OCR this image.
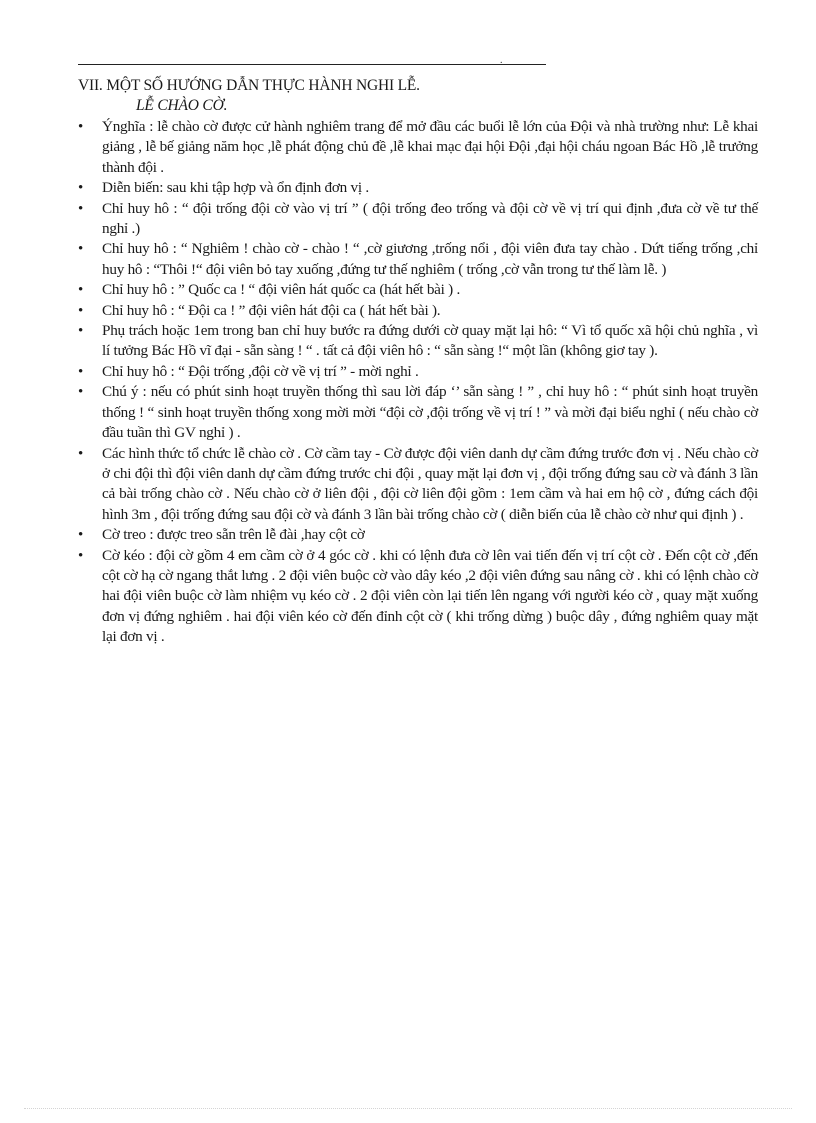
.
VII. MỘT SỐ HƯỚNG DẪN THỰC HÀNH NGHI LỄ.
LỄ CHÀO CỜ.
•	Ýnghĩa : lễ chào cờ được cử hành nghiêm trang để mở đầu các buổi lễ lớn của Đội và nhà trường như: Lễ khai giảng , lễ bế giảng năm học ,lễ phát động chủ đề ,lễ khai mạc đại hội Đội ,đại hội cháu ngoan Bác Hồ ,lễ trưởng thành đội .
•	Diễn biến: sau khi tập hợp và ổn định đơn vị .
•	Chỉ huy hô : “ đội trống đội cờ vào vị trí ” ( đội trống đeo trống và đội cờ về vị trí qui định ,đưa cờ về tư thế nghỉ .)
•	Chỉ huy hô : “ Nghiêm ! chào cờ - chào ! “ ,cờ giương ,trống nổi , đội viên đưa tay chào . Dứt tiếng trống ,chỉ huy hô : “Thôi !“ đội viên bỏ tay xuống ,đứng tư thế nghiêm ( trống ,cờ vẫn trong tư thế làm lễ. )
•	Chỉ huy hô : ” Quốc ca ! “ đội viên hát quốc ca (hát hết bài ) .
•	Chỉ huy hô : “ Đội ca ! ” đội viên hát đội ca ( hát hết bài ).
•	Phụ trách hoặc 1em trong ban chỉ huy bước ra đứng dưới cờ quay mặt lại hô: “ Vì tổ quốc xã hội chủ nghĩa , vì lí tưởng Bác Hồ vĩ đại - sẵn sàng ! “ . tất cả đội viên hô : “ sẵn sàng !“ một lần (không giơ tay ).
•	Chỉ huy hô : “ Đội trống ,đội cờ về vị trí ” - mời nghỉ .
•	Chú ý : nếu có phút sinh hoạt truyền thống thì sau lời đáp ‘’ sẵn sàng ! ” , chỉ huy hô : “ phút sinh hoạt truyền thống ! “ sinh hoạt truyền thống xong mời mời “đội cờ ,đội trống về vị trí ! ” và mời đại biểu nghỉ ( nếu chào cờ đầu tuần thì GV nghỉ ) .
•	Các hình thức tổ chức lễ chào cờ . Cờ cầm tay - Cờ được đội viên danh dự cầm đứng trước đơn vị . Nếu chào cờ ở chi đội thì đội viên danh dự cầm đứng trước chi đội , quay mặt lại đơn vị , đội trống đứng sau cờ và đánh 3 lần cả bài trống chào cờ . Nếu chào cờ ở liên đội , đội cờ liên đội gồm : 1em cầm và hai em hộ cờ , đứng cách đội hình 3m , đội trống đứng sau đội cờ và đánh 3 lần bài trống chào cờ ( diễn biến của lễ chào cờ như qui định ) .
•	Cờ treo : được treo sẵn trên lễ đài ,hay cột cờ
•	Cờ kéo : đội cờ gồm 4 em cầm cờ ở 4 góc cờ . khi có lệnh đưa cờ lên vai tiến đến vị trí cột cờ . Đến cột cờ ,đến cột cờ hạ cờ ngang thắt lưng . 2 đội viên buộc cờ vào dây kéo ,2 đội viên đứng sau nâng cờ . khi có lệnh chào cờ hai đội viên buộc cờ làm nhiệm vụ kéo cờ . 2 đội viên còn lại tiến lên ngang với người kéo cờ , quay mặt xuống đơn vị đứng nghiêm . hai đội viên kéo cờ đến đỉnh cột cờ ( khi trống dừng ) buộc dây , đứng nghiêm quay mặt lại đơn vị .
